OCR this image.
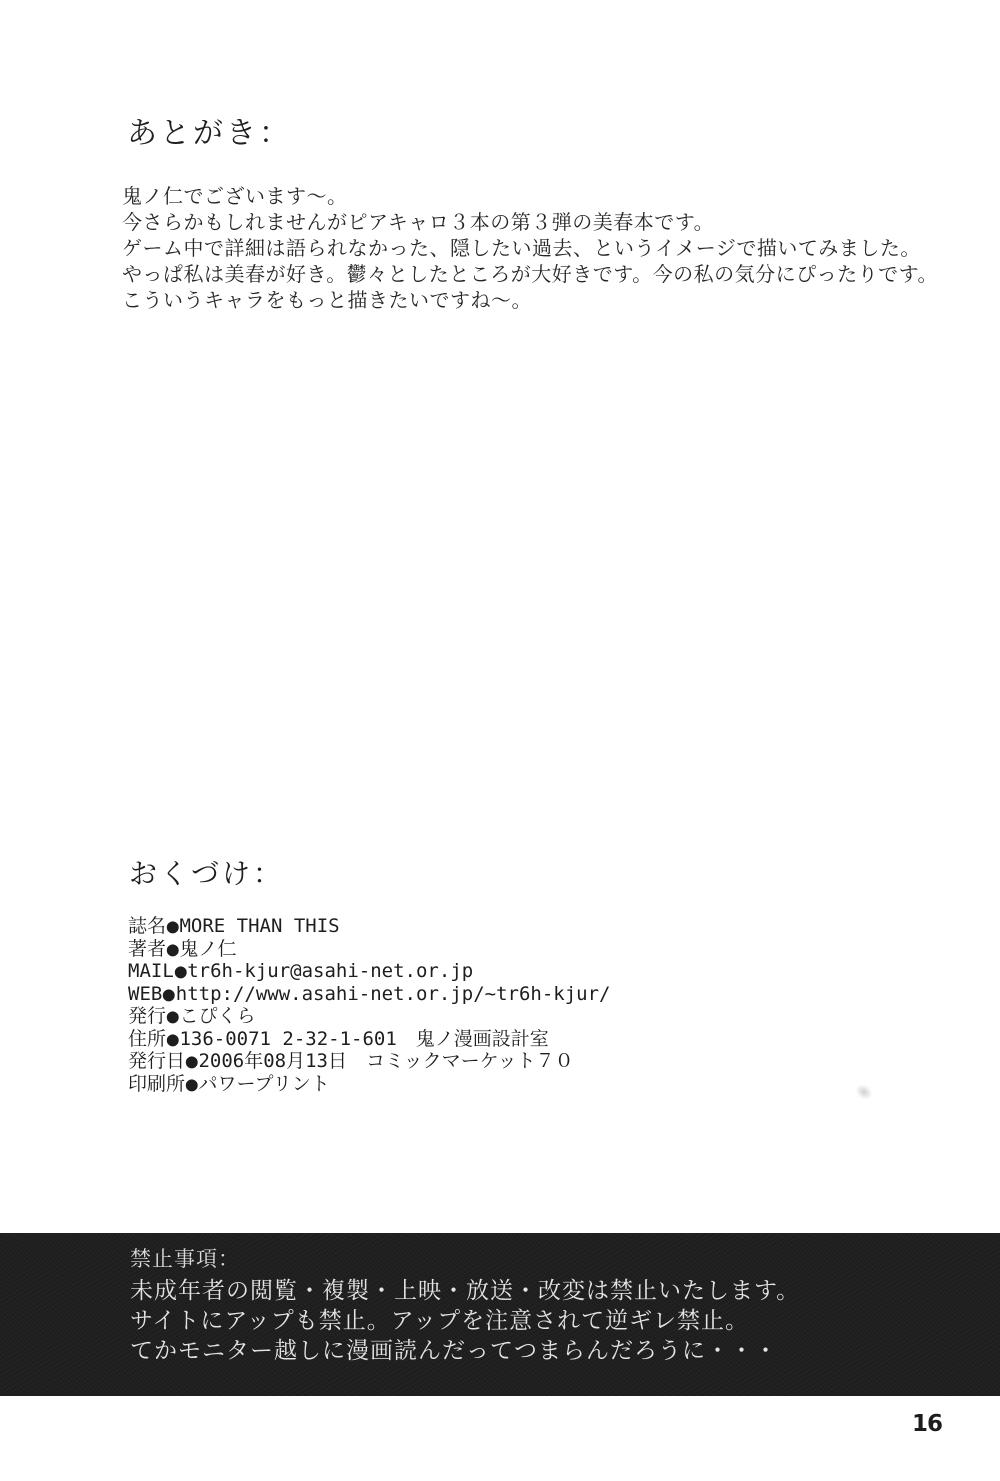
あとがき：
鬼ノ仁でございます～。
今さらかもしれませんがピアキャロ３本の第３弾の美春本です。
ゲーム中で詳細は語られなかった、隠したい過去、というイメージで描いてみました。
やっぱ私は美春が好き。鬱々としたところが大好きです。今の私の気分にぴったりです。
こういうキャラをもっと描きたいですね～。
おくづけ：
誌名●MORE THAN THIS
著者●鬼ノ仁
MAIL●tr6h-kjur@asahi-net.or.jp
WEB●http://www.asahi-net.or.jp/~tr6h-kjur/
発行●こぴくら
住所●136-0071 2-32-1-601　鬼ノ漫画設計室
発行日●2006年08月13日　コミックマーケット７０
印刷所●パワープリント
禁止事項：
未成年者の閲覧・複製・上映・放送・改変は禁止いたします。
サイトにアップも禁止。アップを注意されて逆ギレ禁止。
てかモニター越しに漫画読んだってつまらんだろうに・・・
16
